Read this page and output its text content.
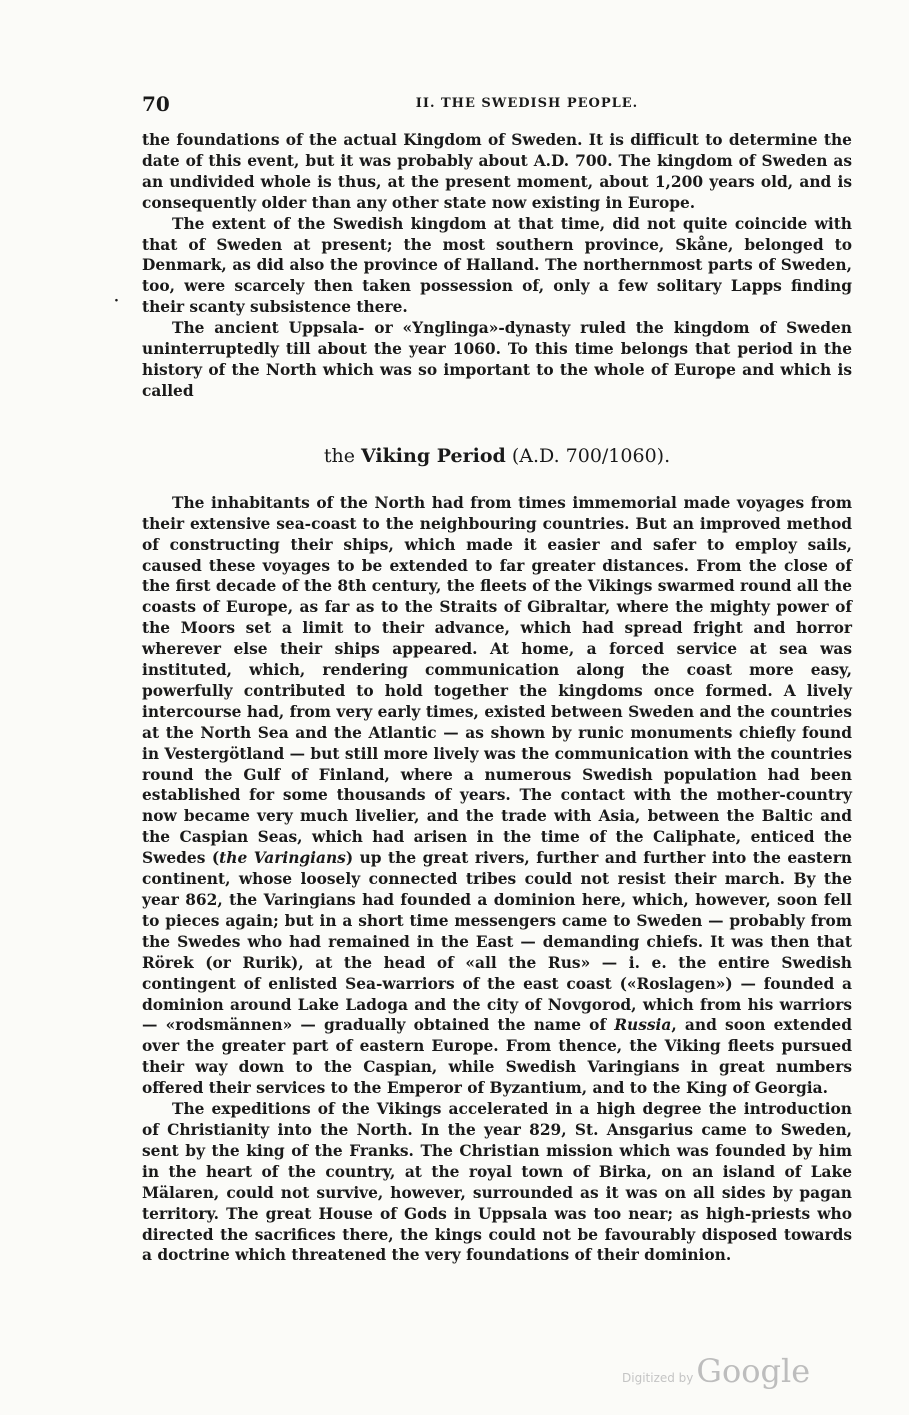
70	II. THE SWEDISH PEOPLE.

the foundations of the actual Kingdom of Sweden. It is difficult to determine the date of this event, but it was probably about A.D. 700. The kingdom of Sweden as an undivided whole is thus, at the present moment, about 1,200 years old, and is consequently older than any other state now existing in Europe.

The extent of the Swedish kingdom at that time, did not quite coincide with that of Sweden at present; the most southern province, Skåne, belonged to Denmark, as did also the province of Halland. The northernmost parts of Sweden, too, were scarcely then taken possession of, only a few solitary Lapps finding their scanty subsistence there.

The ancient Uppsala- or «Ynglinga»-dynasty ruled the kingdom of Sweden uninterruptedly till about the year 1060. To this time belongs that period in the history of the North which was so important to the whole of Europe and which is called

the Viking Period (A.D. 700/1060).

The inhabitants of the North had from times immemorial made voyages from their extensive sea-coast to the neighbouring countries. But an improved method of constructing their ships, which made it easier and safer to employ sails, caused these voyages to be extended to far greater distances. From the close of the first decade of the 8th century, the fleets of the Vikings swarmed round all the coasts of Europe, as far as to the Straits of Gibraltar, where the mighty power of the Moors set a limit to their advance, which had spread fright and horror wherever else their ships appeared. At home, a forced service at sea was instituted, which, rendering communication along the coast more easy, powerfully contributed to hold together the kingdoms once formed. A lively intercourse had, from very early times, existed between Sweden and the countries at the North Sea and the Atlantic — as shown by runic monuments chiefly found in Vestergötland — but still more lively was the communication with the countries round the Gulf of Finland, where a numerous Swedish population had been established for some thousands of years. The contact with the mother-country now became very much livelier, and the trade with Asia, between the Baltic and the Caspian Seas, which had arisen in the time of the Caliphate, enticed the Swedes (the Varingians) up the great rivers, further and further into the eastern continent, whose loosely connected tribes could not resist their march. By the year 862, the Varingians had founded a dominion here, which, however, soon fell to pieces again; but in a short time messengers came to Sweden — probably from the Swedes who had remained in the East — demanding chiefs. It was then that Rörek (or Rurik), at the head of «all the Rus» — i. e. the entire Swedish contingent of enlisted Sea-warriors of the east coast («Roslagen») — founded a dominion around Lake Ladoga and the city of Novgorod, which from his warriors — «rodsmännen» — gradually obtained the name of Russia, and soon extended over the greater part of eastern Europe. From thence, the Viking fleets pursued their way down to the Caspian, while Swedish Varingians in great numbers offered their services to the Emperor of Byzantium, and to the King of Georgia.

The expeditions of the Vikings accelerated in a high degree the introduction of Christianity into the North. In the year 829, St. Ansgarius came to Sweden, sent by the king of the Franks. The Christian mission which was founded by him in the heart of the country, at the royal town of Birka, on an island of Lake Mälaren, could not survive, however, surrounded as it was on all sides by pagan territory. The great House of Gods in Uppsala was too near; as high-priests who directed the sacrifices there, the kings could not be favourably disposed towards a doctrine which threatened the very foundations of their dominion.

·
Digitized by Google
